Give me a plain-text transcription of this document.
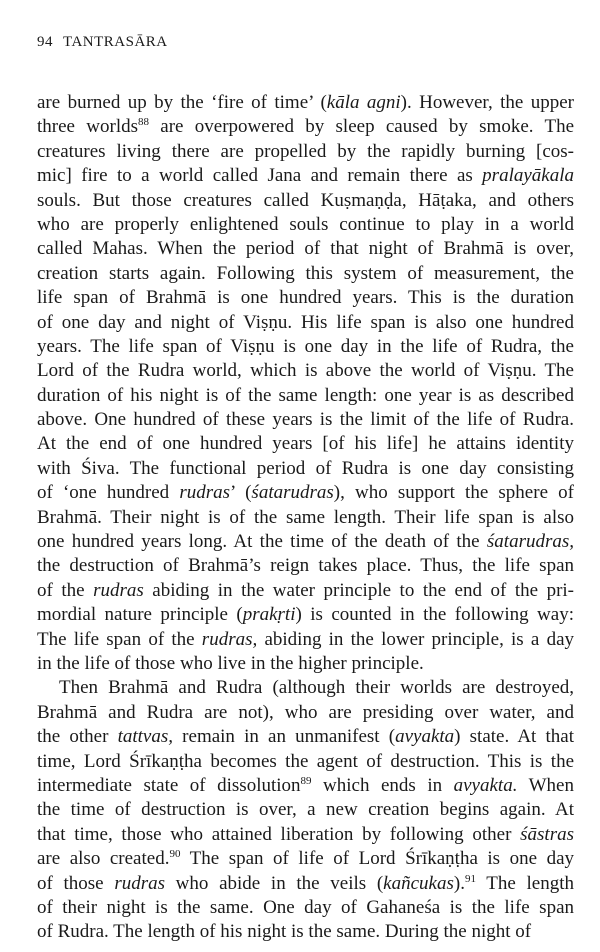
94 TANTRASĀRA
are burned up by the ‘fire of time’ (kāla agni). However, the upper
three worlds$^{88}$ are overpowered by sleep caused by smoke. The
creatures living there are propelled by the rapidly burning [cos-
mic] fire to a world called Jana and remain there as pralayākala
souls. But those creatures called Kuṣmaṇḍa, Hāṭaka, and others
who are properly enlightened souls continue to play in a world
called Mahas. When the period of that night of Brahmā is over,
creation starts again. Following this system of measurement, the
life span of Brahmā is one hundred years. This is the duration
of one day and night of Viṣṇu. His life span is also one hundred
years. The life span of Viṣṇu is one day in the life of Rudra, the
Lord of the Rudra world, which is above the world of Viṣṇu. The
duration of his night is of the same length: one year is as described
above. One hundred of these years is the limit of the life of Rudra.
At the end of one hundred years [of his life] he attains identity
with Śiva. The functional period of Rudra is one day consisting
of ‘one hundred rudras’ (śatarudras), who support the sphere of
Brahmā. Their night is of the same length. Their life span is also
one hundred years long. At the time of the death of the śatarudras,
the destruction of Brahmā’s reign takes place. Thus, the life span
of the rudras abiding in the water principle to the end of the pri-
mordial nature principle (prakṛti) is counted in the following way:
The life span of the rudras, abiding in the lower principle, is a day
in the life of those who live in the higher principle.
Then Brahmā and Rudra (although their worlds are destroyed,
Brahmā and Rudra are not), who are presiding over water, and
the other tattvas, remain in an unmanifest (avyakta) state. At that
time, Lord Śrīkaṇṭha becomes the agent of destruction. This is the
intermediate state of dissolution$^{89}$ which ends in avyakta. When
the time of destruction is over, a new creation begins again. At
that time, those who attained liberation by following other śāstras
are also created.$^{90}$ The span of life of Lord Śrīkaṇṭha is one day
of those rudras who abide in the veils (kañcukas).$^{91}$ The length
of their night is the same. One day of Gahaneśa is the life span
of Rudra. The length of his night is the same. During the night of
